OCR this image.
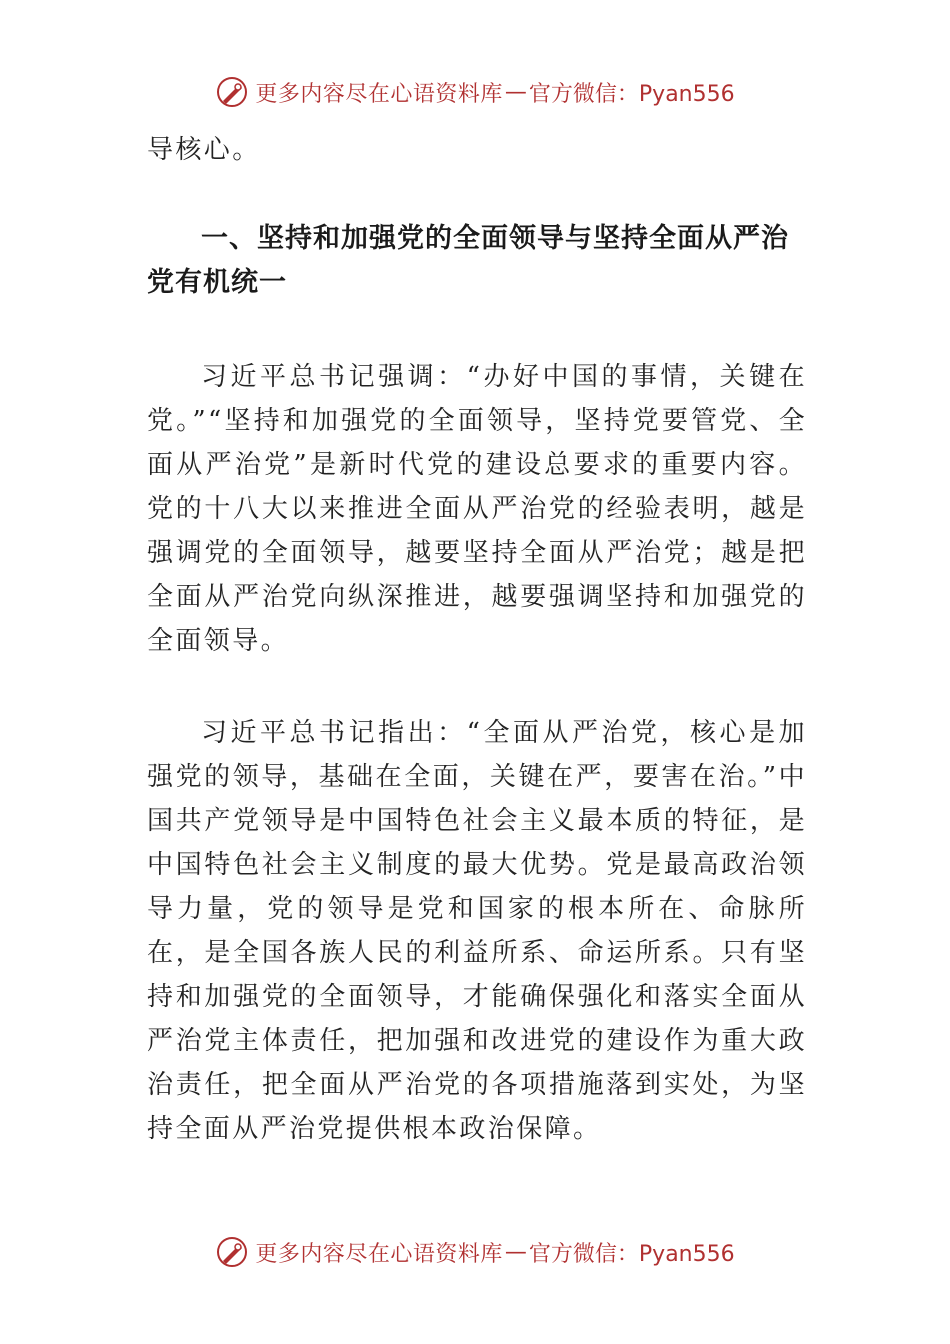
更多内容尽在心语资料库 — 官方微信：Pyan556

导核心。

一、坚持和加强党的全面领导与坚持全面从严治党有机统一

习近平总书记强调：“办好中国的事情，关键在党。”“坚持和加强党的全面领导，坚持党要管党、全面从严治党”是新时代党的建设总要求的重要内容。党的十八大以来推进全面从严治党的经验表明，越是强调党的全面领导，越要坚持全面从严治党；越是把全面从严治党向纵深推进，越要强调坚持和加强党的全面领导。

习近平总书记指出：“全面从严治党，核心是加强党的领导，基础在全面，关键在严，要害在治。”中国共产党领导是中国特色社会主义最本质的特征，是中国特色社会主义制度的最大优势。党是最高政治领导力量，党的领导是党和国家的根本所在、命脉所在，是全国各族人民的利益所系、命运所系。只有坚持和加强党的全面领导，才能确保强化和落实全面从严治党主体责任，把加强和改进党的建设作为重大政治责任，把全面从严治党的各项措施落到实处，为坚持全面从严治党提供根本政治保障。

更多内容尽在心语资料库 — 官方微信：Pyan556
